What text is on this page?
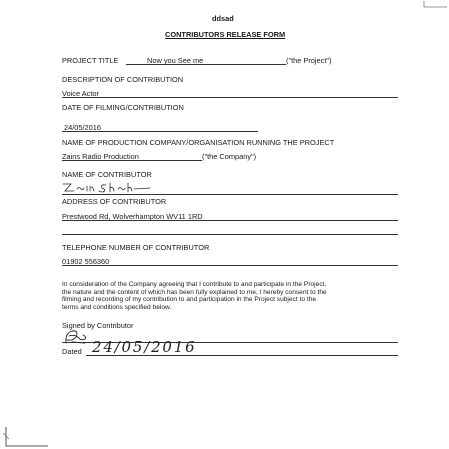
ddsad
CONTRIBUTORS RELEASE FORM
PROJECT TITLE	Now you See me	("the Project")
DESCRIPTION OF CONTRIBUTION
Voice Actor
DATE OF FILMING/CONTRIBUTION
24/05/2016
NAME OF PRODUCTION COMPANY/ORGANISATION RUNNING THE PROJECT
Zains Radio Production	("the Company")
NAME OF CONTRIBUTOR
ADDRESS OF CONTRIBUTOR
Prestwood Rd, Wolverhampton WV11 1RD
TELEPHONE NUMBER OF CONTRIBUTOR
01902 556360
In consideration of the Company agreeing that I contribute to and participate in the Project,
the nature and the content of which has been fully explained to me, I hereby consent to the
filming and recording of my contribution to and participation in the Project subject to the
terms and conditions specified below.
Signed by Contributor
Dated 24/05/2016
